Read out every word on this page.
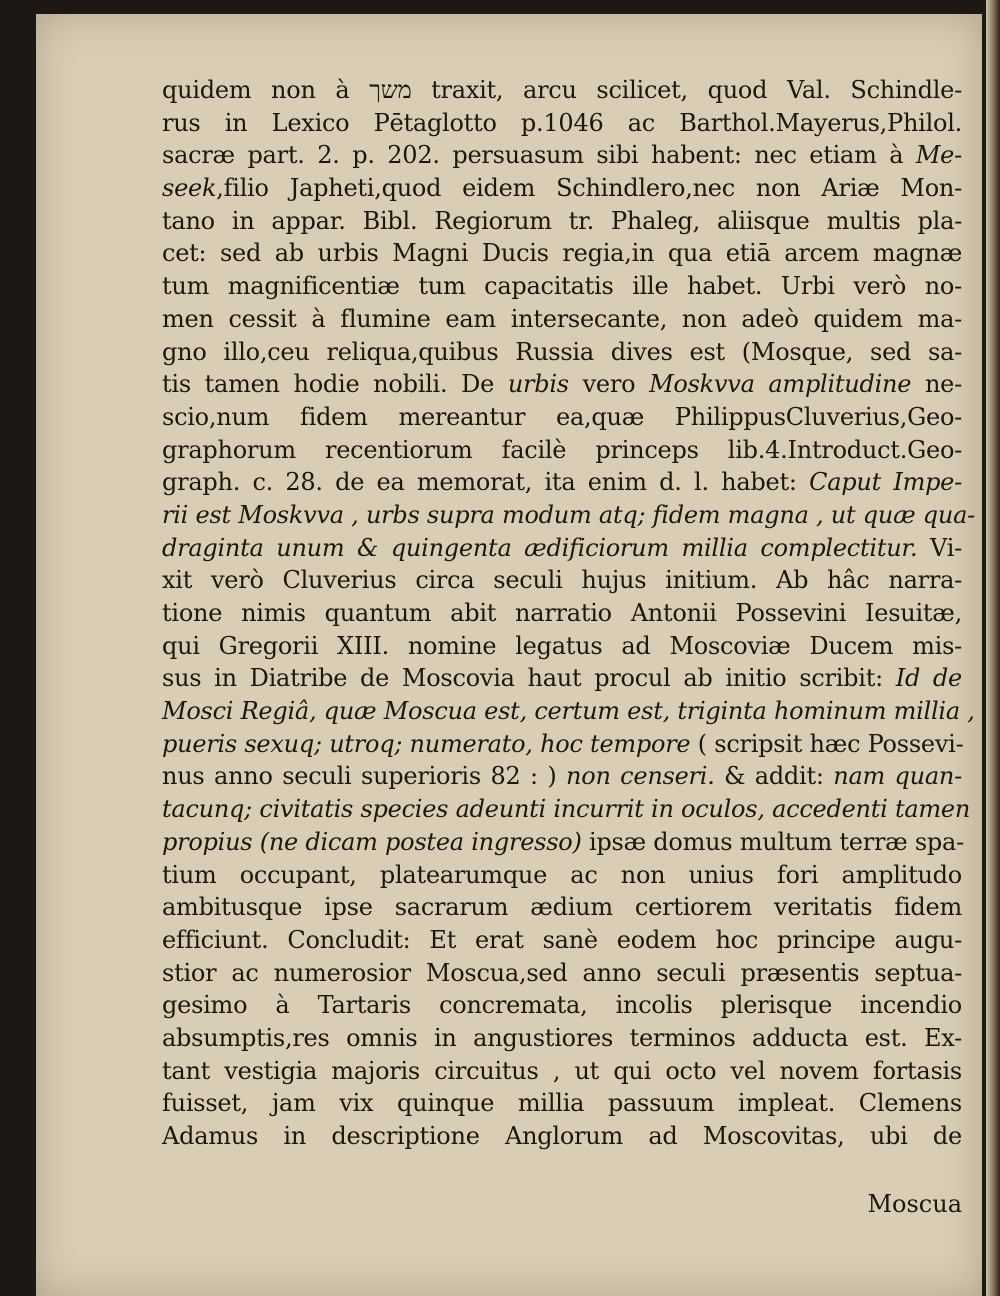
quidem non à משך traxit, arcu scilicet, quod Val. Schindle-
rus in Lexico Pētaglotto p.1046 ac Barthol.Mayerus,Philol.
sacræ part. 2. p. 202. persuasum sibi habent: nec etiam à Me-
seek,filio Japheti,quod eidem Schindlero,nec non Ariæ Mon-
tano in appar. Bibl. Regiorum tr. Phaleg, aliisque multis pla-
cet: sed ab urbis Magni Ducis regia,in qua etiā arcem magnæ
tum magnificentiæ tum capacitatis ille habet. Urbi verò no-
men cessit à flumine eam intersecante, non adeò quidem ma-
gno illo,ceu reliqua,quibus Russia dives est (Mosque, sed sa-
tis tamen hodie nobili. De urbis vero Moskvva amplitudine ne-
scio,num fidem mereantur ea,quæ PhilippusCluverius,Geo-
graphorum recentiorum facilè princeps lib.4.Introduct.Geo-
graph. c. 28. de ea memorat, ita enim d. l. habet: Caput Impe-
rii est Moskvva , urbs supra modum atq; fidem magna , ut quæ qua-
draginta unum & quingenta ædificiorum millia complectitur. Vi-
xit verò Cluverius circa seculi hujus initium. Ab hâc narra-
tione nimis quantum abit narratio Antonii Possevini Iesuitæ,
qui Gregorii XIII. nomine legatus ad Moscoviæ Ducem mis-
sus in Diatribe de Moscovia haut procul ab initio scribit: Id de
Mosci Regiâ, quæ Moscua est, certum est, triginta hominum millia ,
pueris sexuq; utroq; numerato, hoc tempore ( scripsit hæc Possevi-
nus anno seculi superioris 82 : ) non censeri. & addit: nam quan-
tacunq; civitatis species adeunti incurrit in oculos, accedenti tamen
propius (ne dicam postea ingresso) ipsæ domus multum terræ spa-
tium occupant, platearumque ac non unius fori amplitudo
ambitusque ipse sacrarum ædium certiorem veritatis fidem
efficiunt. Concludit: Et erat sanè eodem hoc principe augu-
stior ac numerosior Moscua,sed anno seculi præsentis septua-
gesimo à Tartaris concremata, incolis plerisque incendio
absumptis,res omnis in angustiores terminos adducta est. Ex-
tant vestigia majoris circuitus , ut qui octo vel novem fortasis
fuisset, jam vix quinque millia passuum impleat. Clemens
Adamus in descriptione Anglorum ad Moscovitas, ubi de
Moscua
